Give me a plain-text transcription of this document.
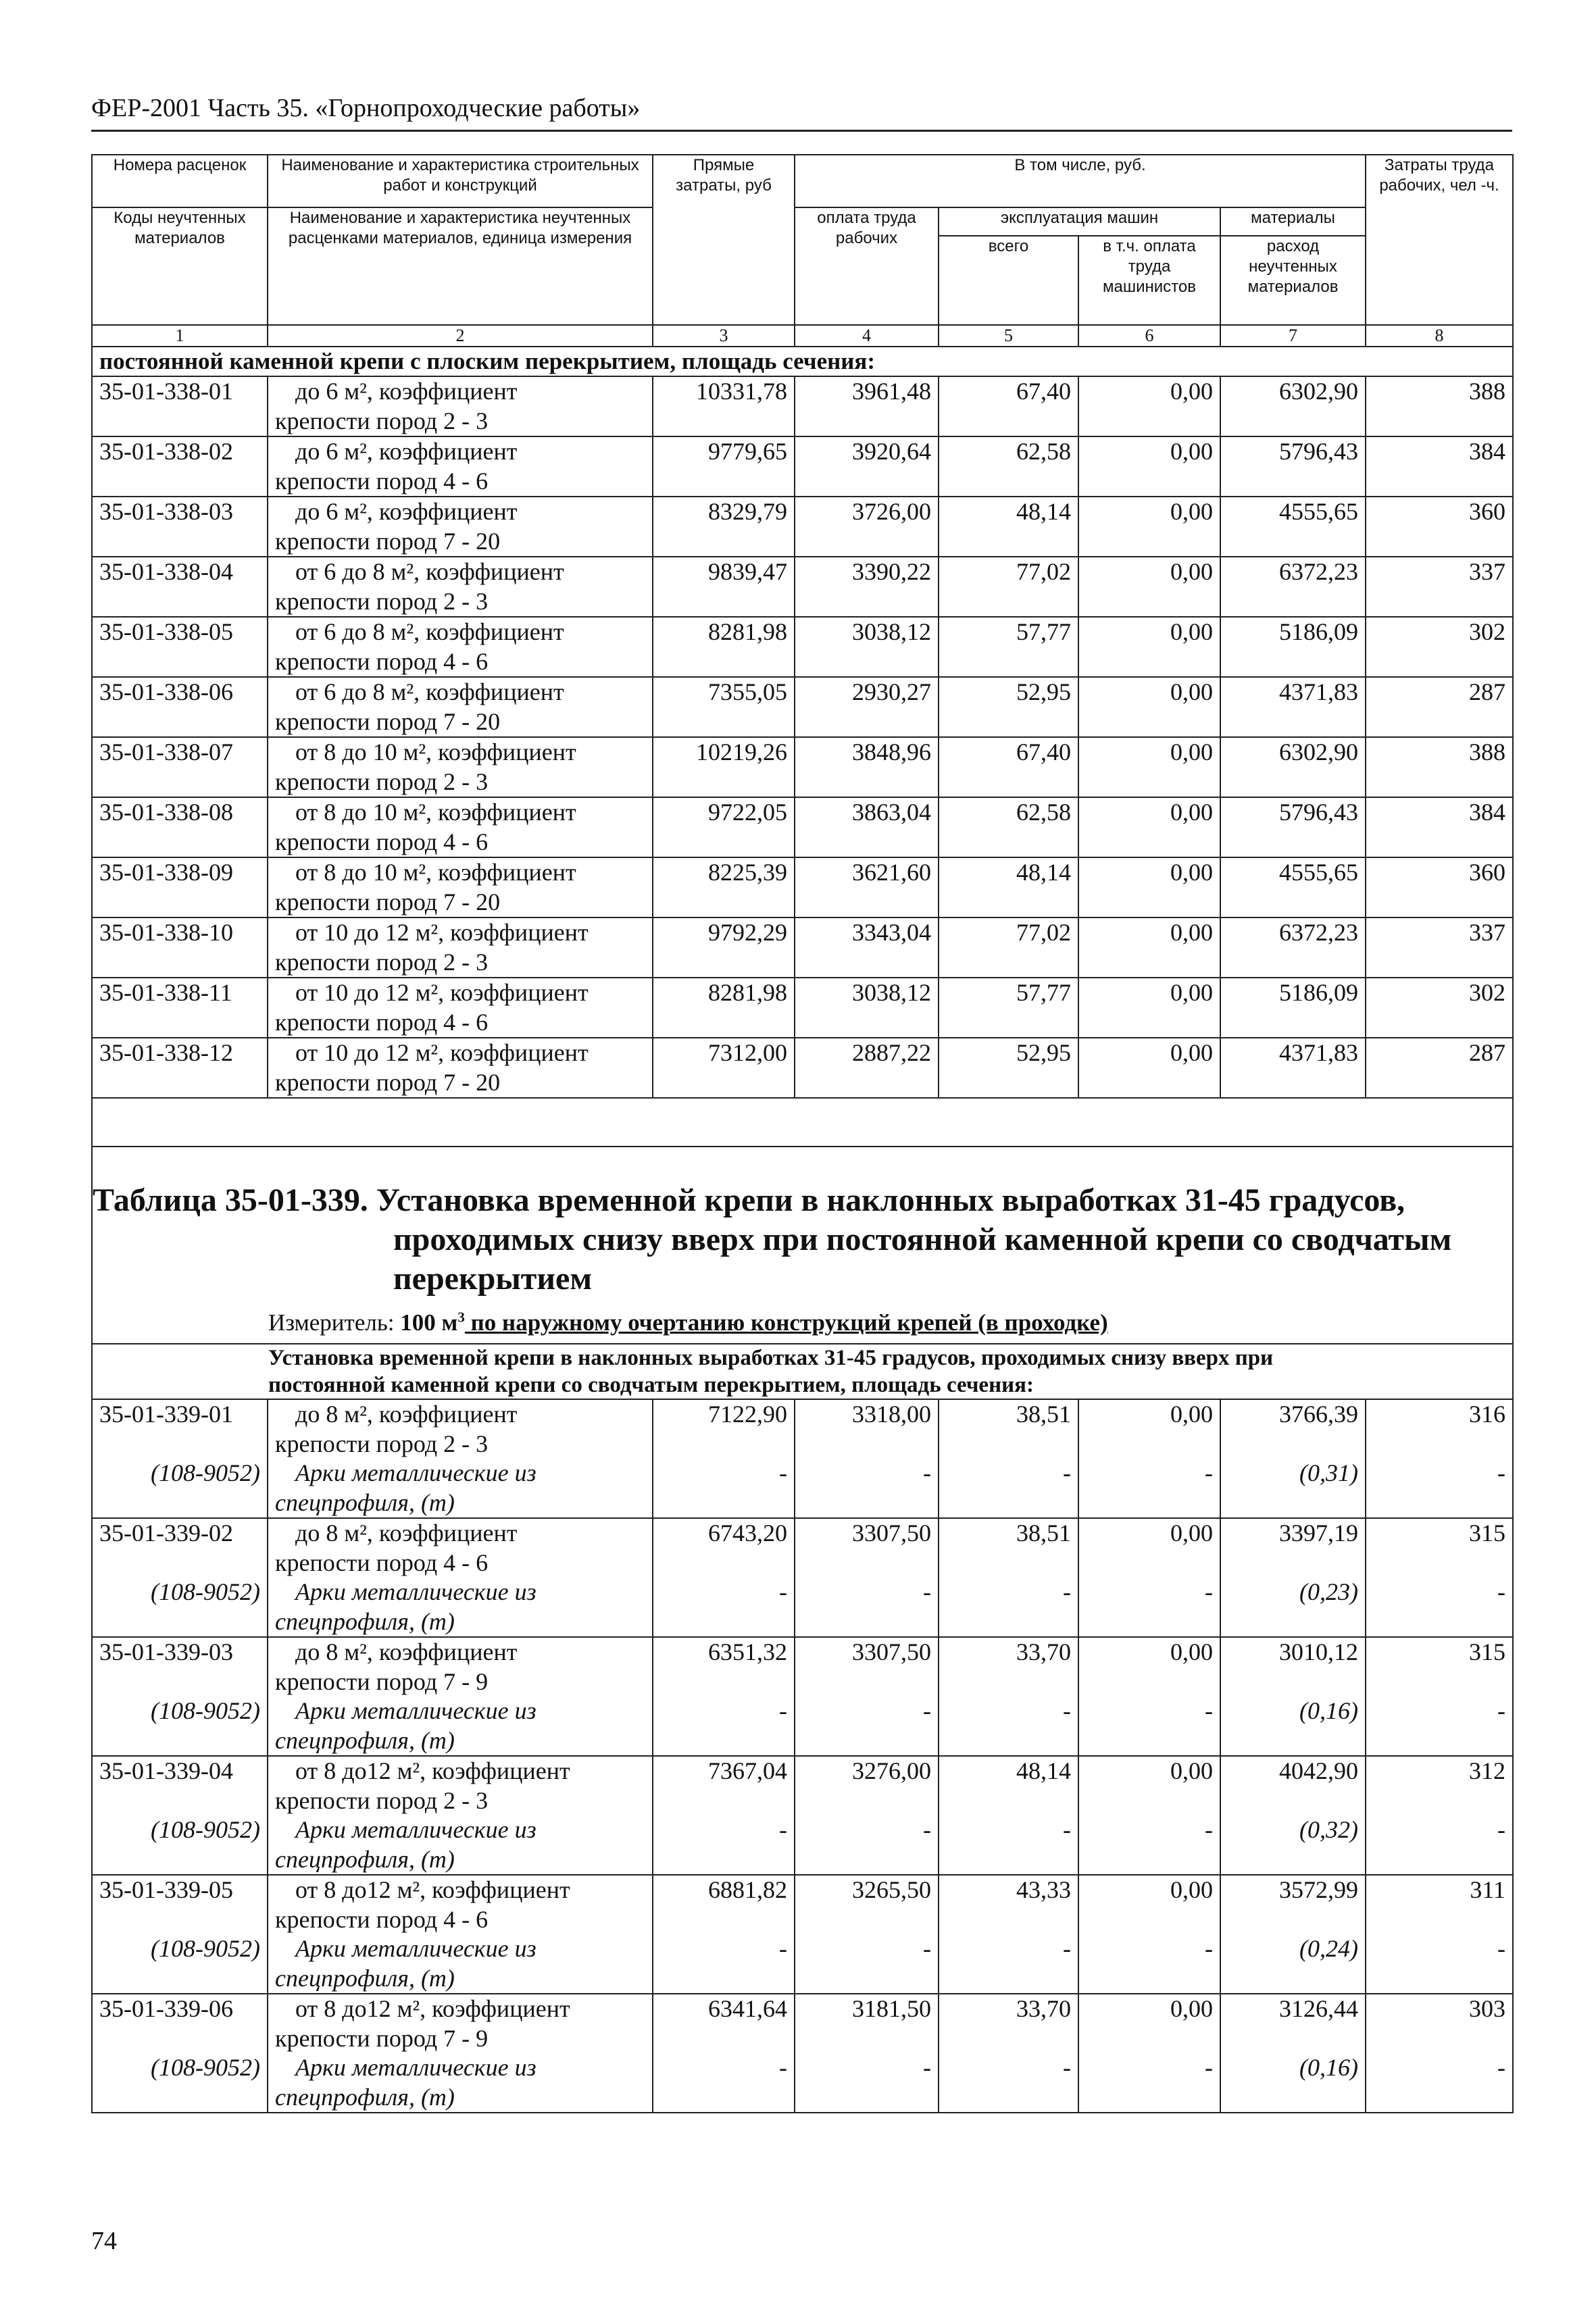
ФЕР-2001 Часть 35. «Горнопроходческие работы»
Номера расценок	Наименование и характеристика строительных работ и конструкций	Прямые затраты, руб	В том числе, руб.				Затраты труда рабочих, чел -ч.
Коды неучтенных материалов	Наименование и характеристика неучтенных расценками материалов, единица измерения		оплата труда рабочих	эксплуатация машин		материалы	
				всего	в т.ч. оплата труда машинистов	расход неучтенных материалов	
1	2	3	4	5	6	7	8
постоянной каменной крепи с плоским перекрытием, площадь сечения:							
35-01-338-01	до 6 м², коэффициент	10331,78	3961,48	67,40	0,00	6302,90	388
	крепости пород 2 - 3						
35-01-338-02	до 6 м², коэффициент	9779,65	3920,64	62,58	0,00	5796,43	384
	крепости пород 4 - 6						
35-01-338-03	до 6 м², коэффициент	8329,79	3726,00	48,14	0,00	4555,65	360
	крепости пород 7 - 20						
35-01-338-04	от 6 до 8 м², коэффициент	9839,47	3390,22	77,02	0,00	6372,23	337
	крепости пород 2 - 3						
35-01-338-05	от 6 до 8 м², коэффициент	8281,98	3038,12	57,77	0,00	5186,09	302
	крепости пород 4 - 6						
35-01-338-06	от 6 до 8 м², коэффициент	7355,05	2930,27	52,95	0,00	4371,83	287
	крепости пород 7 - 20						
35-01-338-07	от 8 до 10 м², коэффициент	10219,26	3848,96	67,40	0,00	6302,90	388
	крепости пород 2 - 3						
35-01-338-08	от 8 до 10 м², коэффициент	9722,05	3863,04	62,58	0,00	5796,43	384
	крепости пород 4 - 6						
35-01-338-09	от 8 до 10 м², коэффициент	8225,39	3621,60	48,14	0,00	4555,65	360
	крепости пород 7 - 20						
35-01-338-10	от 10 до 12 м², коэффициент	9792,29	3343,04	77,02	0,00	6372,23	337
	крепости пород 2 - 3						
35-01-338-11	от 10 до 12 м², коэффициент	8281,98	3038,12	57,77	0,00	5186,09	302
	крепости пород 4 - 6						
35-01-338-12	от 10 до 12 м², коэффициент	7312,00	2887,22	52,95	0,00	4371,83	287
	крепости пород 7 - 20						

Таблица 35-01-339. Установка временной крепи в наклонных выработках 31-45 градусов,
проходимых снизу вверх при постоянной каменной крепи со сводчатым
перекрытием
Измеритель: 100 $м^3$ по наружному очертанию конструкций крепей (в проходке)							

Установка временной крепи в наклонных выработках 31-45 градусов, проходимых снизу вверх при
постоянной каменной крепи со сводчатым перекрытием, площадь сечения:							

35-01-339-01	до 8 м², коэффициент	7122,90	3318,00	38,51	0,00	3766,39	316
	крепости пород 2 - 3						
(108-9052)	Арки металлические из	-	-	-	-	(0,31)	-
	спецпрофиля, (т)						
35-01-339-02	до 8 м², коэффициент	6743,20	3307,50	38,51	0,00	3397,19	315
	крепости пород 4 - 6						
(108-9052)	Арки металлические из	-	-	-	-	(0,23)	-
	спецпрофиля, (т)						
35-01-339-03	до 8 м², коэффициент	6351,32	3307,50	33,70	0,00	3010,12	315
	крепости пород 7 - 9						
(108-9052)	Арки металлические из	-	-	-	-	(0,16)	-
	спецпрофиля, (т)						
35-01-339-04	от 8 до12 м², коэффициент	7367,04	3276,00	48,14	0,00	4042,90	312
	крепости пород 2 - 3						
(108-9052)	Арки металлические из	-	-	-	-	(0,32)	-
	спецпрофиля, (т)						
35-01-339-05	от 8 до12 м², коэффициент	6881,82	3265,50	43,33	0,00	3572,99	311
	крепости пород 4 - 6						
(108-9052)	Арки металлические из	-	-	-	-	(0,24)	-
	спецпрофиля, (т)						
35-01-339-06	от 8 до12 м², коэффициент	6341,64	3181,50	33,70	0,00	3126,44	303
	крепости пород 7 - 9						
(108-9052)	Арки металлические из	-	-	-	-	(0,16)	-
	спецпрофиля, (т)						
74
